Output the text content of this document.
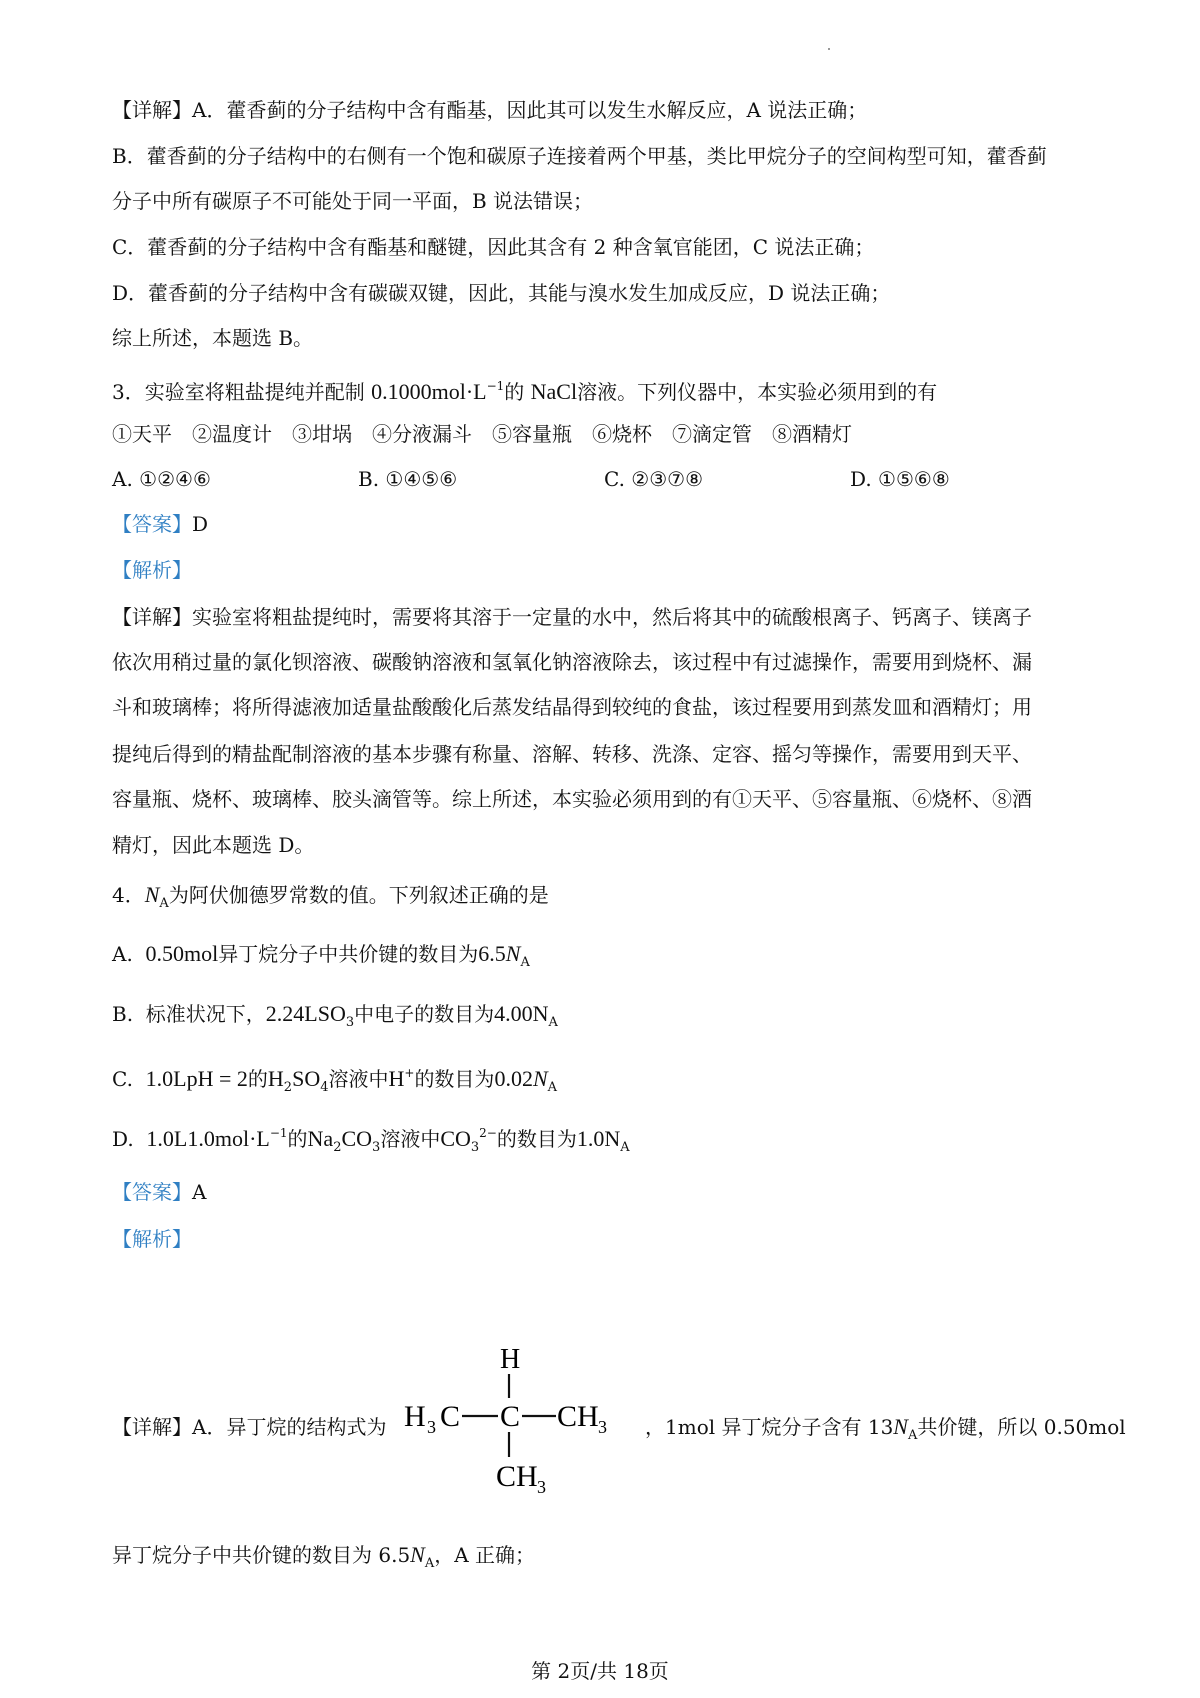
【详解】A．藿香蓟的分子结构中含有酯基，因此其可以发生水解反应，A 说法正确；
B．藿香蓟的分子结构中的右侧有一个饱和碳原子连接着两个甲基，类比甲烷分子的空间构型可知，藿香蓟
分子中所有碳原子不可能处于同一平面，B 说法错误；
C．藿香蓟的分子结构中含有酯基和醚键，因此其含有 2 种含氧官能团，C 说法正确；
D．藿香蓟的分子结构中含有碳碳双键，因此，其能与溴水发生加成反应，D 说法正确；
综上所述，本题选 B。
3．实验室将粗盐提纯并配制 $0.1000mol\cdot L^{-1}$的 NaCl溶液。下列仪器中，本实验必须用到的有
①天平　②温度计　③坩埚　④分液漏斗　⑤容量瓶　⑥烧杯　⑦滴定管　⑧酒精灯
A. ①②④⑥	B. ①④⑤⑥	C. ②③⑦⑧	D. ①⑤⑥⑧
【答案】D
【解析】
【详解】实验室将粗盐提纯时，需要将其溶于一定量的水中，然后将其中的硫酸根离子、钙离子、镁离子
依次用稍过量的氯化钡溶液、碳酸钠溶液和氢氧化钠溶液除去，该过程中有过滤操作，需要用到烧杯、漏
斗和玻璃棒；将所得滤液加适量盐酸酸化后蒸发结晶得到较纯的食盐，该过程要用到蒸发皿和酒精灯；用
提纯后得到的精盐配制溶液的基本步骤有称量、溶解、转移、洗涤、定容、摇匀等操作，需要用到天平、
容量瓶、烧杯、玻璃棒、胶头滴管等。综上所述，本实验必须用到的有①天平、⑤容量瓶、⑥烧杯、⑧酒
精灯，因此本题选 D。
4．$N_A$为阿伏伽德罗常数的值。下列叙述正确的是
A. 0.50mol异丁烷分子中共价键的数目为$6.5N_A$
B. 标准状况下，$2.24LSO_3$中电子的数目为$4.00N_A$
C. 1.0LpH = 2的$H_2SO_4$溶液中H+的数目为$0.02N_A$
D. $1.0L1.0mol\cdot L^{-1}$的$Na_2CO_3$溶液中$CO_3^{2-}$的数目为$1.0N_A$
【答案】A
【解析】
【详解】A．异丁烷的结构式为	，1mol 异丁烷分子含有 $13N_A$共价键，所以 0.50mol
H
H 3 C C CH 3
CH 3
异丁烷分子中共价键的数目为 $6.5N_A$，A 正确；
第 2页/共 18页
